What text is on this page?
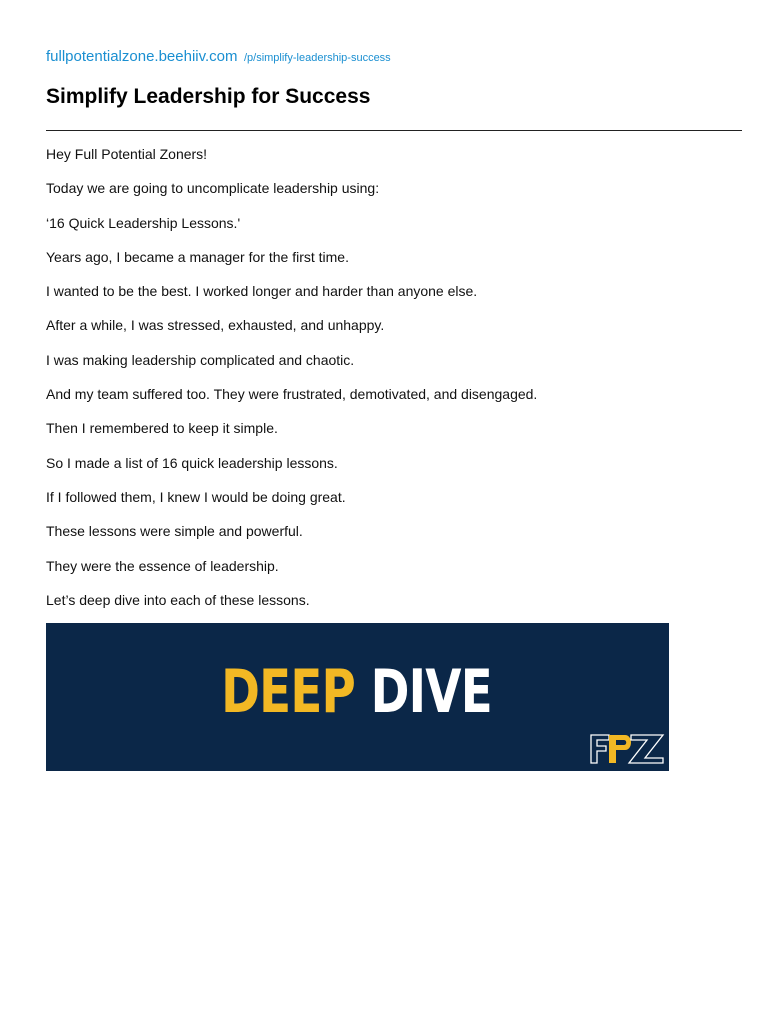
fullpotentialzone.beehiiv.com /p/simplify-leadership-success
Simplify Leadership for Success

Hey Full Potential Zoners!

Today we are going to uncomplicate leadership using:

‘16 Quick Leadership Lessons.'

Years ago, I became a manager for the first time.

I wanted to be the best. I worked longer and harder than anyone else.

After a while, I was stressed, exhausted, and unhappy.

I was making leadership complicated and chaotic.

And my team suffered too. They were frustrated, demotivated, and disengaged.

Then I remembered to keep it simple.

So I made a list of 16 quick leadership lessons.

If I followed them, I knew I would be doing great.

These lessons were simple and powerful.

They were the essence of leadership.

Let’s deep dive into each of these lessons.

DEEP DIVE
